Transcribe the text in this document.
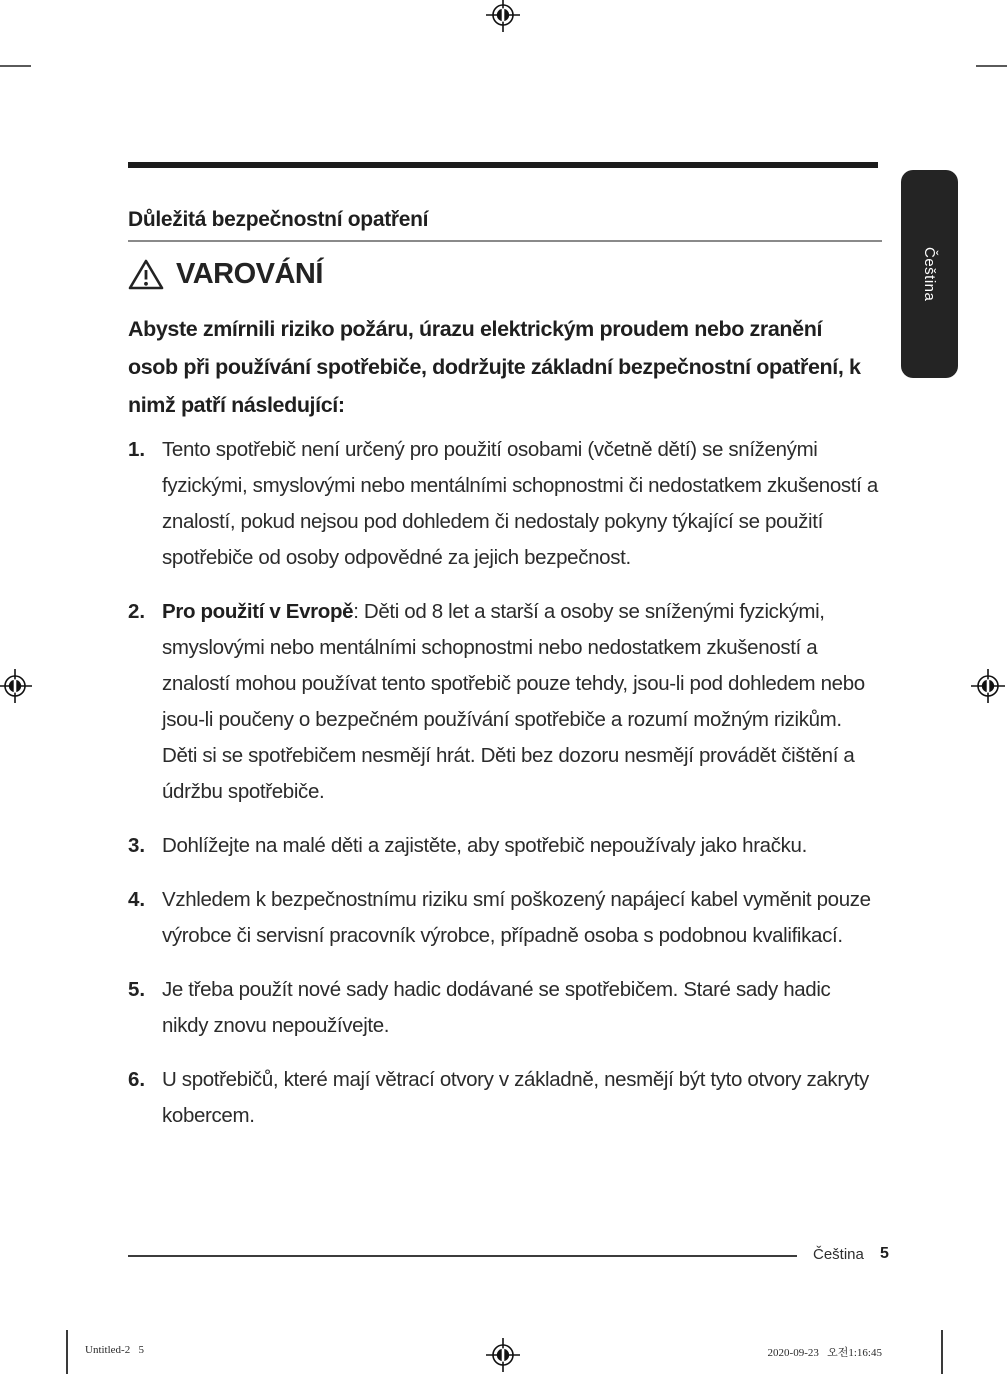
Čeština
Důležitá bezpečnostní opatření
VAROVÁNÍ
Abyste zmírnili riziko požáru, úrazu elektrickým proudem nebo zranění osob při používání spotřebiče, dodržujte základní bezpečnostní opatření, k nimž patří následující:
1. Tento spotřebič není určený pro použití osobami (včetně dětí) se sníženými fyzickými, smyslovými nebo mentálními schopnostmi či nedostatkem zkušeností a znalostí, pokud nejsou pod dohledem či nedostaly pokyny týkající se použití spotřebiče od osoby odpovědné za jejich bezpečnost.
2. Pro použití v Evropě: Děti od 8 let a starší a osoby se sníženými fyzickými, smyslovými nebo mentálními schopnostmi nebo nedostatkem zkušeností a znalostí mohou používat tento spotřebič pouze tehdy, jsou-li pod dohledem nebo jsou-li poučeny o bezpečném používání spotřebiče a rozumí možným rizikům. Děti si se spotřebičem nesmějí hrát. Děti bez dozoru nesmějí provádět čištění a údržbu spotřebiče.
3. Dohlížejte na malé děti a zajistěte, aby spotřebič nepoužívaly jako hračku.
4. Vzhledem k bezpečnostnímu riziku smí poškozený napájecí kabel vyměnit pouze výrobce či servisní pracovník výrobce, případně osoba s podobnou kvalifikací.
5. Je třeba použít nové sady hadic dodávané se spotřebičem. Staré sady hadic nikdy znovu nepoužívejte.
6. U spotřebičů, které mají větrací otvory v základně, nesmějí být tyto otvory zakryty kobercem.
Čeština 5
Untitled-2   5	2020-09-23   오전1:16:45
